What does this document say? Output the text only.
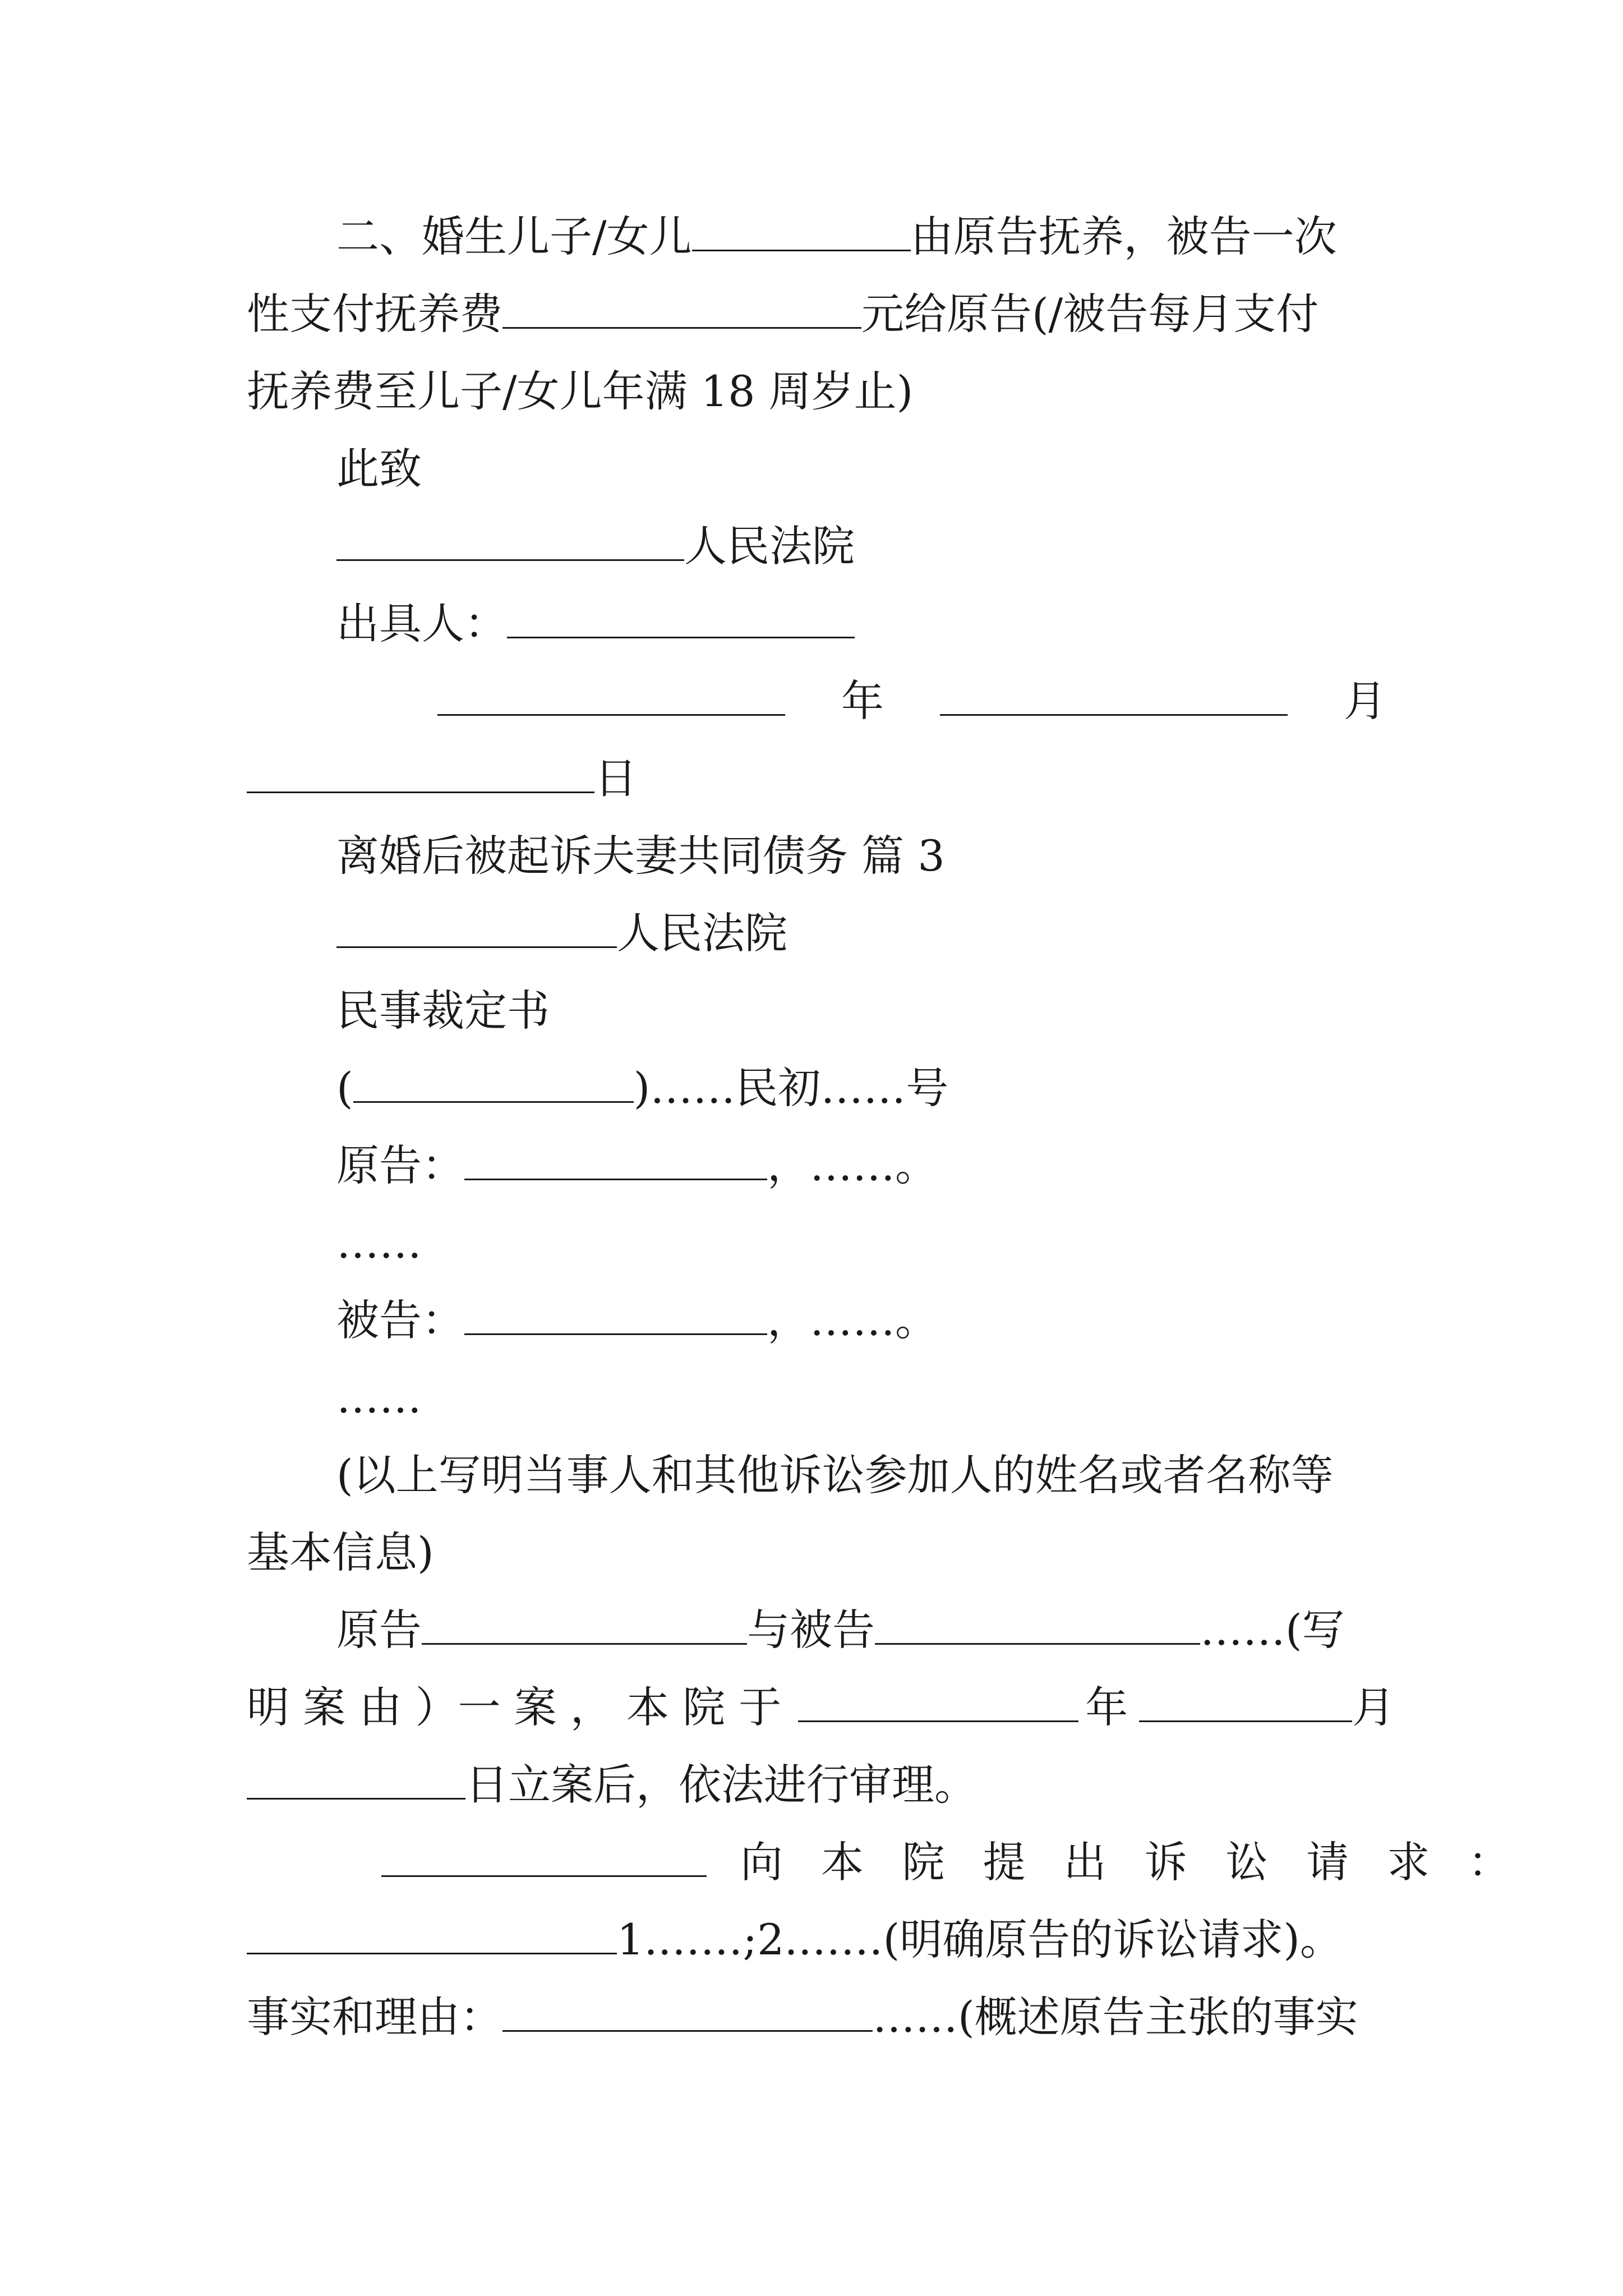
二、婚生儿子/女儿	由原告抚养，被告一次
性支付抚养费	元给原告(/被告每月支付
抚养费至儿子/女儿年满 18 周岁止)
此致
人民法院
出具人：
年	月
日
离婚后被起诉夫妻共同债务 篇 3
人民法院
民事裁定书
(	)……民初……号
原告：	，……。
……
被告：	，……。
……
(以上写明当事人和其他诉讼参加人的姓名或者名称等
基本信息)
原告	与被告	……(写
明 案 由 ）一 案 ， 本 院 于	年	月
日立案后，依法进行审理。
向 本 院 提 出 诉 讼 请 求 ：
1.……;2.……(明确原告的诉讼请求)。
事实和理由：	……(概述原告主张的事实
